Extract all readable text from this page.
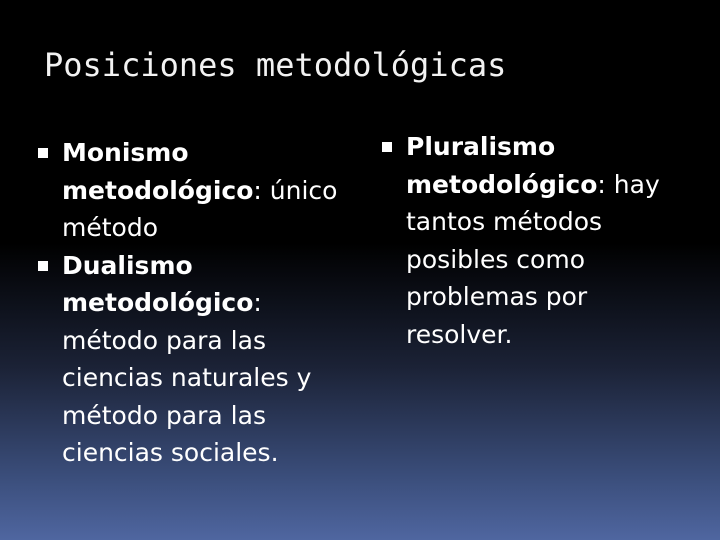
Posiciones metodológicas
Monismo metodológico: único método
Dualismo metodológico: método para las ciencias naturales y método para las ciencias sociales.
Pluralismo metodológico: hay tantos métodos posibles como problemas por resolver.
